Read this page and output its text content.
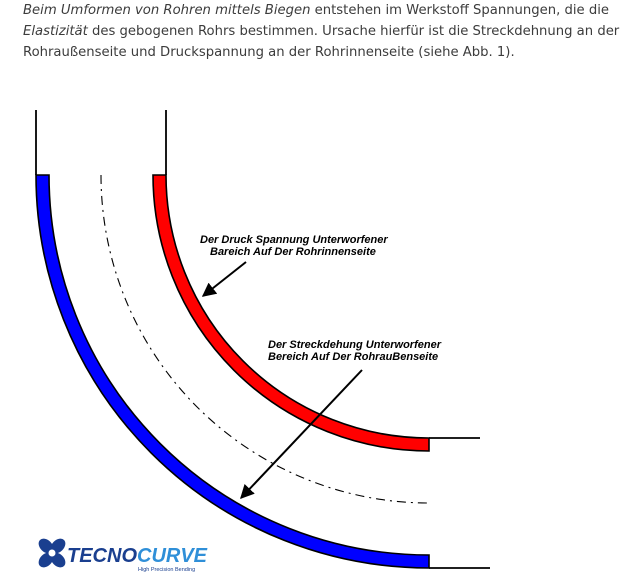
Beim Umformen von Rohren mittels Biegen entstehen im Werkstoff Spannungen, die die Elastizität des gebogenen Rohrs bestimmen. Ursache hierfür ist die Streckdehnung an der Rohraußenseite und Druckspannung an der Rohrinnenseite (siehe Abb. 1).
Der Druck Spannung Unterworfener
Bareich Auf Der Rohrinnenseite
Der Streckdehung Unterworfener
Bereich Auf Der RohrauBenseite
TECNOCURVE
High Precision Bending
